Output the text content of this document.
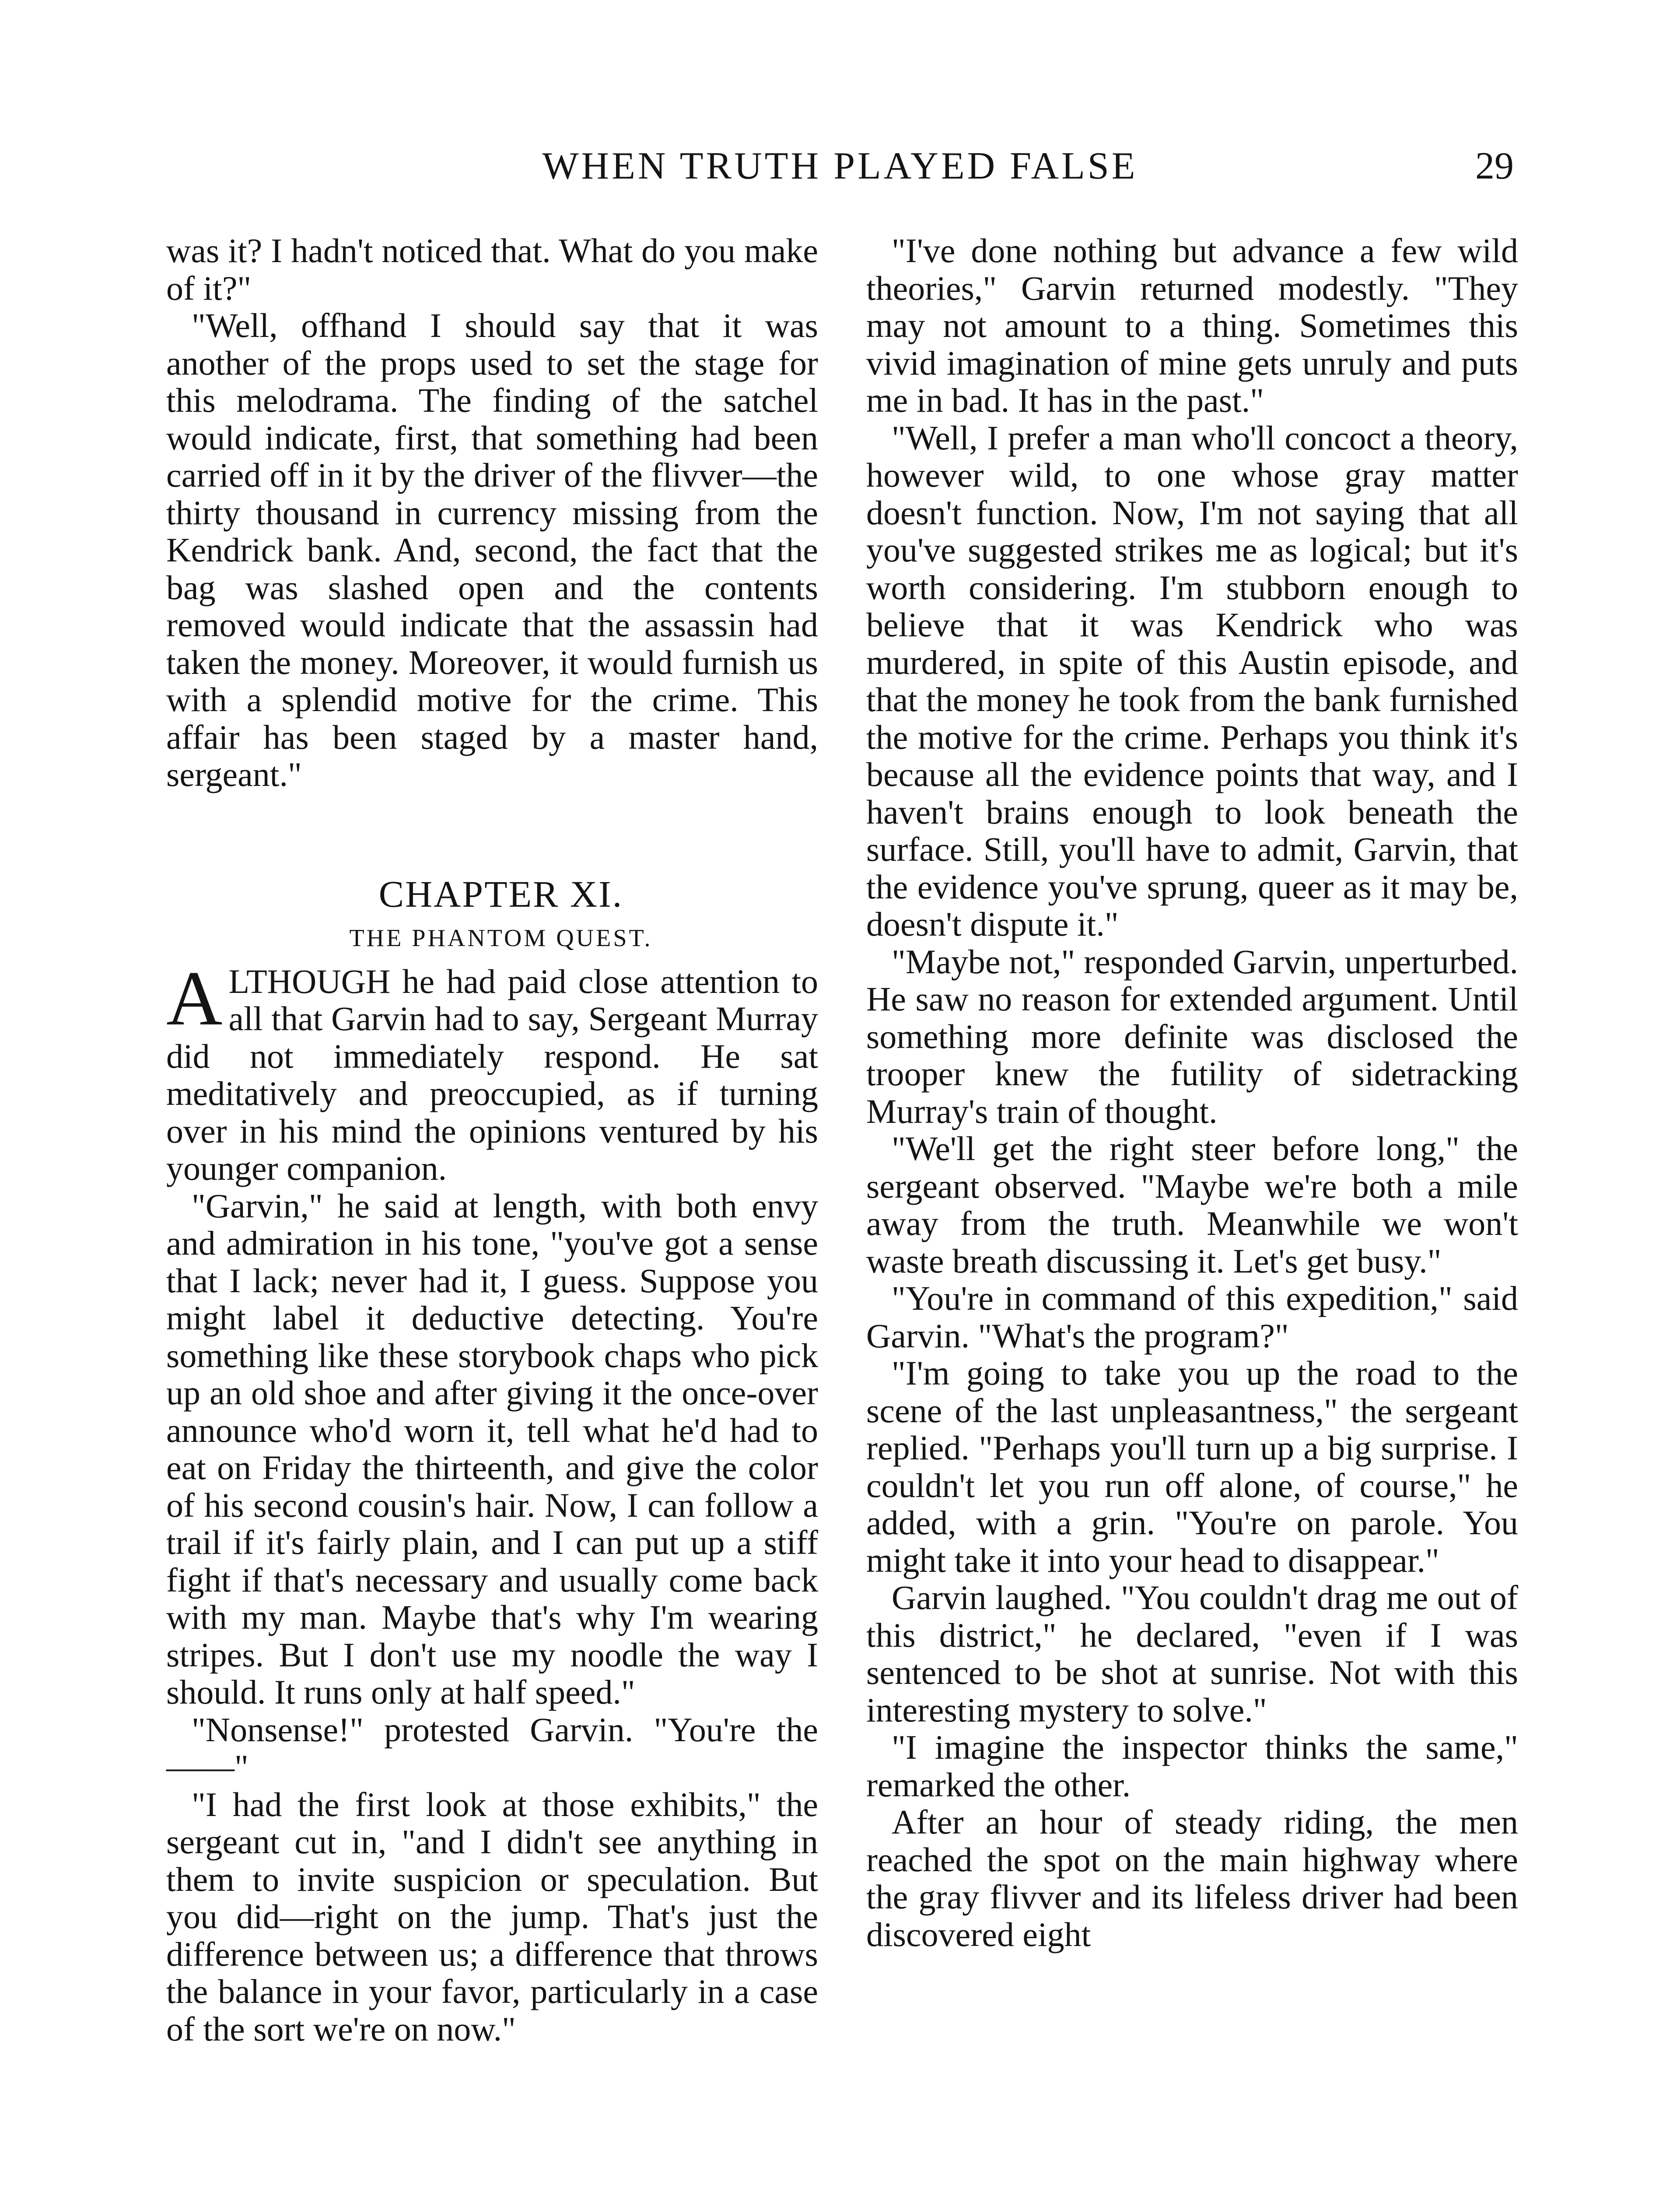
WHEN TRUTH PLAYED FALSE	29

was it? I hadn't noticed that. What do you make of it?"

"Well, offhand I should say that it was another of the props used to set the stage for this melodrama. The finding of the satchel would indicate, first, that something had been carried off in it by the driver of the flivver—the thirty thousand in currency missing from the Kendrick bank. And, second, the fact that the bag was slashed open and the contents removed would indicate that the assassin had taken the money. Moreover, it would furnish us with a splendid motive for the crime. This affair has been staged by a master hand, sergeant."

CHAPTER XI.
THE PHANTOM QUEST.

ALTHOUGH he had paid close attention to all that Garvin had to say, Sergeant Murray did not immediately respond. He sat meditatively and preoccupied, as if turning over in his mind the opinions ventured by his younger companion.

"Garvin," he said at length, with both envy and admiration in his tone, "you've got a sense that I lack; never had it, I guess. Suppose you might label it deductive detecting. You're something like these storybook chaps who pick up an old shoe and after giving it the once-over announce who'd worn it, tell what he'd had to eat on Friday the thirteenth, and give the color of his second cousin's hair. Now, I can follow a trail if it's fairly plain, and I can put up a stiff fight if that's necessary and usually come back with my man. Maybe that's why I'm wearing stripes. But I don't use my noodle the way I should. It runs only at half speed."

"Nonsense!" protested Garvin. "You're the——"

"I had the first look at those exhibits," the sergeant cut in, "and I didn't see anything in them to invite suspicion or speculation. But you did—right on the jump. That's just the difference between us; a difference that throws the balance in your favor, particularly in a case of the sort we're on now."

"I've done nothing but advance a few wild theories," Garvin returned modestly. "They may not amount to a thing. Sometimes this vivid imagination of mine gets unruly and puts me in bad. It has in the past."

"Well, I prefer a man who'll concoct a theory, however wild, to one whose gray matter doesn't function. Now, I'm not saying that all you've suggested strikes me as logical; but it's worth considering. I'm stubborn enough to believe that it was Kendrick who was murdered, in spite of this Austin episode, and that the money he took from the bank furnished the motive for the crime. Perhaps you think it's because all the evidence points that way, and I haven't brains enough to look beneath the surface. Still, you'll have to admit, Garvin, that the evidence you've sprung, queer as it may be, doesn't dispute it."

"Maybe not," responded Garvin, unperturbed. He saw no reason for extended argument. Until something more definite was disclosed the trooper knew the futility of sidetracking Murray's train of thought.

"We'll get the right steer before long," the sergeant observed. "Maybe we're both a mile away from the truth. Meanwhile we won't waste breath discussing it. Let's get busy."

"You're in command of this expedition," said Garvin. "What's the program?"

"I'm going to take you up the road to the scene of the last unpleasantness," the sergeant replied. "Perhaps you'll turn up a big surprise. I couldn't let you run off alone, of course," he added, with a grin. "You're on parole. You might take it into your head to disappear."

Garvin laughed. "You couldn't drag me out of this district," he declared, "even if I was sentenced to be shot at sunrise. Not with this interesting mystery to solve."

"I imagine the inspector thinks the same," remarked the other.

After an hour of steady riding, the men reached the spot on the main highway where the gray flivver and its lifeless driver had been discovered eight
